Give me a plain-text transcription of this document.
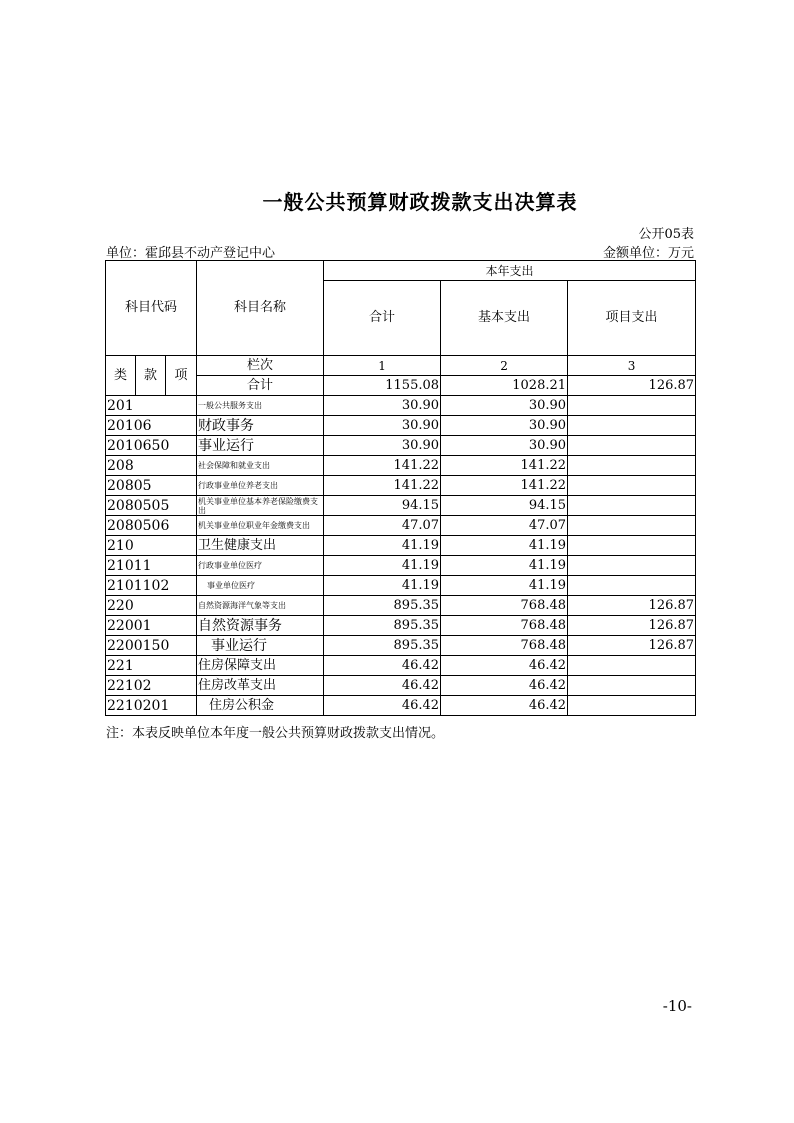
一般公共预算财政拨款支出决算表
公开05表
单位：霍邱县不动产登记中心	金额单位：万元
科目代码			科目名称	本年支出		
				合计	基本支出	项目支出

类	款	项	栏次	1	2	3
			合计	1155.08	1028.21	126.87
201			一般公共服务支出	30.90	30.90	
20106			财政事务	30.90	30.90	
2010650			事业运行	30.90	30.90	
208			社会保障和就业支出	141.22	141.22	
20805			行政事业单位养老支出	141.22	141.22	
2080505			机关事业单位基本养老保险缴费支出	94.15	94.15	
2080506			机关事业单位职业年金缴费支出	47.07	47.07	
210			卫生健康支出	41.19	41.19	
21011			行政事业单位医疗	41.19	41.19	
2101102			事业单位医疗	41.19	41.19	
220			自然资源海洋气象等支出	895.35	768.48	126.87
22001			自然资源事务	895.35	768.48	126.87
2200150			事业运行	895.35	768.48	126.87
221			住房保障支出	46.42	46.42	
22102			住房改革支出	46.42	46.42	
2210201			住房公积金	46.42	46.42	
注：本表反映单位本年度一般公共预算财政拨款支出情况。
-10-
